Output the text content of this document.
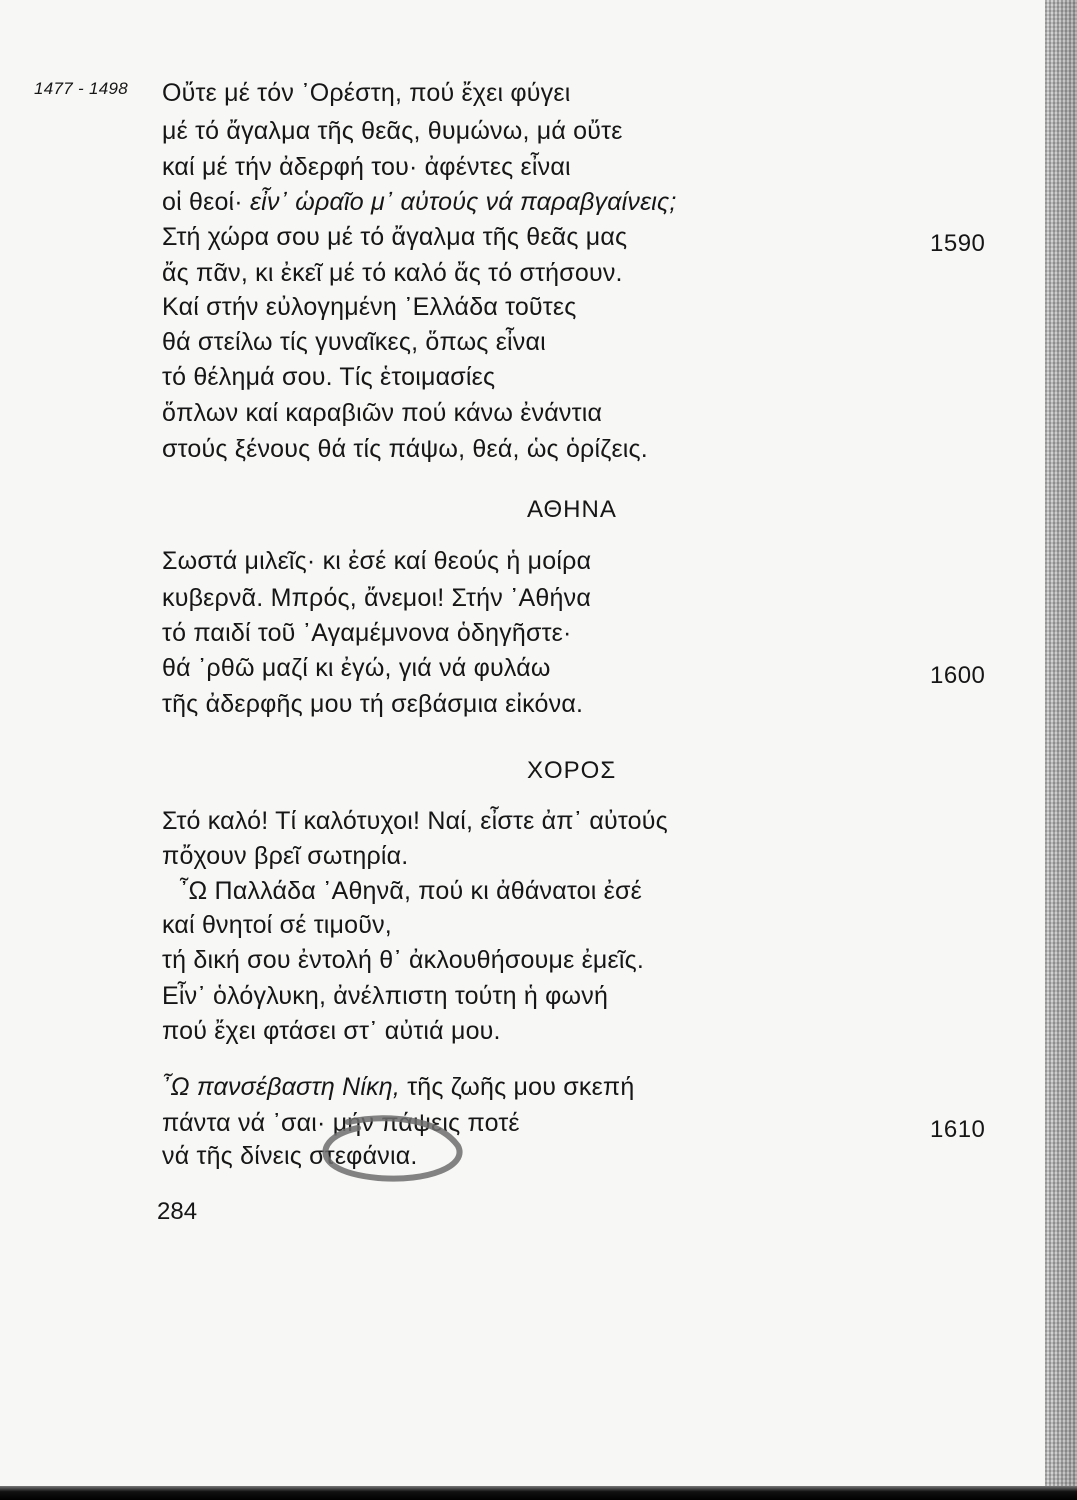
1477 - 1498 Οὔτε μέ τόν ᾿Ορέστη, πού ἔχει φύγει
μέ τό ἄγαλμα τῆς θεᾶς, θυμώνω, μά οὔτε
καί μέ τήν ἀδερφή του· ἀφέντες εἶναι
οἱ θεοί· εἶν᾿ ὡραῖο μ᾿ αὐτούς νά παραβγαίνεις;
Στή χώρα σου μέ τό ἄγαλμα τῆς θεᾶς μας
ἄς πᾶν, κι ἐκεῖ μέ τό καλό ἄς τό στήσουν.
Καί στήν εὐλογημένη ᾿Ελλάδα τοῦτες
θά στείλω τίς γυναῖκες, ὅπως εἶναι
τό θέλημά σου. Τίς ἑτοιμασίες
ὅπλων καί καραβιῶν πού κάνω ἐνάντια
στούς ξένους θά τίς πάψω, θεά, ὡς ὁρίζεις.
1590
ΑΘΗΝΑ
Σωστά μιλεῖς· κι ἐσέ καί θεούς ἡ μοίρα
κυβερνᾶ. Μπρός, ἄνεμοι! Στήν ᾿Αθήνα
τό παιδί τοῦ ᾿Αγαμέμνονα ὁδηγῆστε·
θά ᾿ρθῶ μαζί κι ἐγώ, γιά νά φυλάω
τῆς ἀδερφῆς μου τή σεβάσμια εἰκόνα.
1600
ΧΟΡΟΣ
Στό καλό! Τί καλότυχοι! Ναί, εἶστε ἀπ᾿ αὐτούς
πὄχουν βρεῖ σωτηρία.
῏Ω Παλλάδα ᾿Αθηνᾶ, πού κι ἀθάνατοι ἐσέ
καί θνητοί σέ τιμοῦν,
τή δική σου ἐντολή θ᾿ ἀκλουθήσουμε ἐμεῖς.
Εἶν᾿ ὁλόγλυκη, ἀνέλπιστη τούτη ἡ φωνή
πού ἔχει φτάσει στ᾿ αὐτιά μου.
῏Ω πανσέβαστη Νίκη, τῆς ζωῆς μου σκεπή
πάντα νά ᾿σαι· μήν πάψεις ποτέ
νά τῆς δίνεις στεφάνια.
1610
284
